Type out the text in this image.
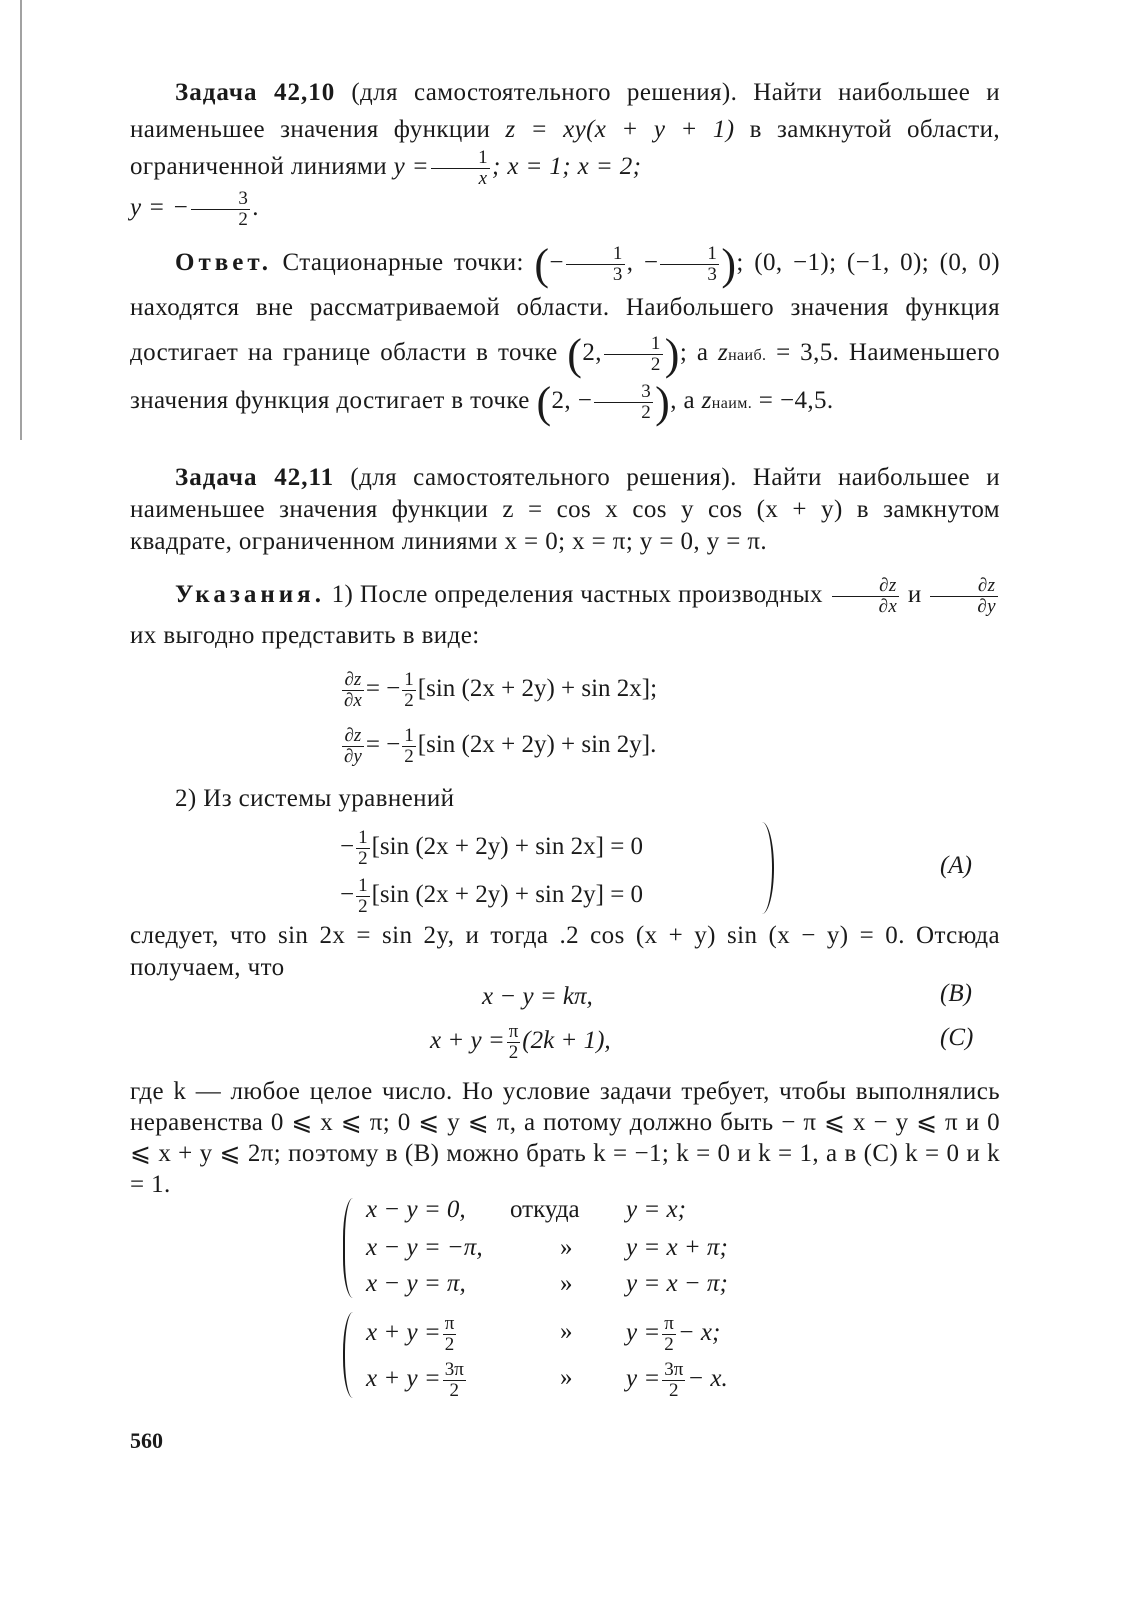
Задача 42,10 (для самостоятельного решения). Найти наибольшее и наименьшее значения функции z = xy(x + y + 1) в замкнутой области, ограниченной линиями $y = \frac{1}{x}$ ; x = 1; x = 2;
y = − $\frac{3}{2}$ .
Ответ. Стационарные точки: (− $\frac{1}{3}$ , − $\frac{1}{3}$ ); (0, −1); (−1, 0); (0, 0) находятся вне рассматриваемой области. Наибольшего значения функция достигает на границе области в точке (2, $\frac{1}{2}$ ); а zнаиб. = 3,5. Наименьшего значения функция достигает в точке (2, − $\frac{3}{2}$ ), а zнаим. = −4,5.
Задача 42,11 (для самостоятельного решения). Найти наибольшее и наименьшее значения функции z = cos x cos y cos (x + y) в замкнутом квадрате, ограниченном линиями x = 0; x = π; y = 0, y = π.
Указания. 1) После определения частных производных $\frac{\partial z}{\partial x}$ и $\frac{\partial z}{\partial y}$
их выгодно представить в виде:
$\frac{\partial z}{\partial x}$ = − $\frac{1}{2} [\sin$ (2x + 2y) + sin 2x];
$\frac{\partial z}{\partial y}$ = − $\frac{1}{2} [\sin$ (2x + 2y) + sin 2y].
2) Из системы уравнений
− $\frac{1}{2} [\sin$ (2x + 2y) + sin 2x] = 0
− $\frac{1}{2} [\sin$ (2x + 2y) + sin 2y] = 0
(A)
следует, что sin 2x = sin 2y, и тогда .2 cos (x + y) sin (x − y) = 0. Отсюда получаем, что
x − y = kπ,	(B)
$x + y = \frac{\pi}{2} (2k + 1)$,	(C)
где k — любое целое число. Но условие задачи требует, чтобы выполнялись неравенства 0 ⩽ x ⩽ π; 0 ⩽ y ⩽ π, а потому должно быть − π ⩽ x − y ⩽ π и 0 ⩽ x + y ⩽ 2π; поэтому в (B) можно брать k = −1; k = 0 и k = 1, а в (C) k = 0 и k = 1.
x − y = 0, откуда y = x;
x − y = −π,	» y = x + π;
x − y = π,	» y = x − π;
$x + y = \frac{\pi}{2}$	» $y = \frac{\pi}{2} - x$;
$x + y = \frac{3\pi}{2}$	» $y = \frac{3\pi}{2} - x$.
560
